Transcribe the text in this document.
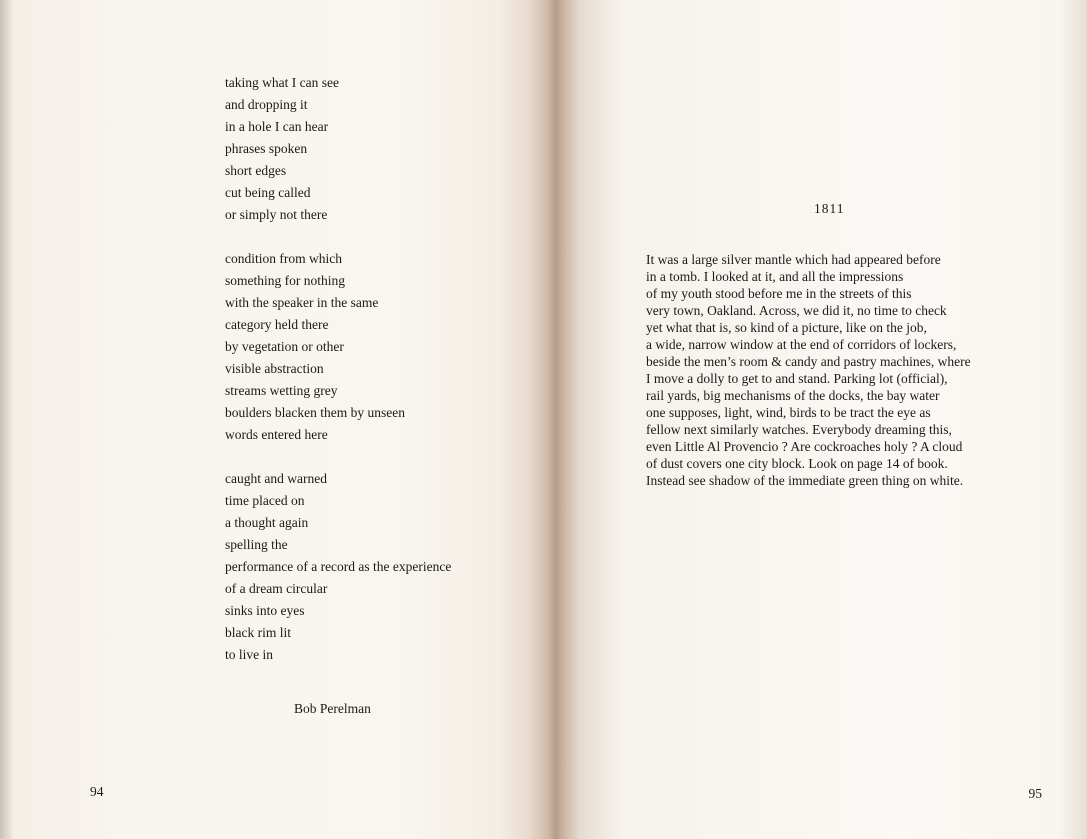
taking what I can see
and dropping it
in a hole I can hear
phrases spoken
short edges
cut being called
or simply not there
condition from which
something for nothing
with the speaker in the same
category held there
by vegetation or other
visible abstraction
streams wetting grey
boulders blacken them by unseen
words entered here
caught and warned
time placed on
a thought again
spelling the
performance of a record as the experience
of a dream circular
sinks into eyes
black rim lit
to live in
Bob Perelman
94
1811
It was a large silver mantle which had appeared before
in a tomb. I looked at it, and all the impressions
of my youth stood before me in the streets of this
very town, Oakland. Across, we did it, no time to check
yet what that is, so kind of a picture, like on the job,
a wide, narrow window at the end of corridors of lockers,
beside the men’s room & candy and pastry machines, where
I move a dolly to get to and stand. Parking lot (official),
rail yards, big mechanisms of the docks, the bay water
one supposes, light, wind, birds to be tract the eye as
fellow next similarly watches. Everybody dreaming this,
even Little Al Provencio ? Are cockroaches holy ? A cloud
of dust covers one city block. Look on page 14 of book.
Instead see shadow of the immediate green thing on white.
95
